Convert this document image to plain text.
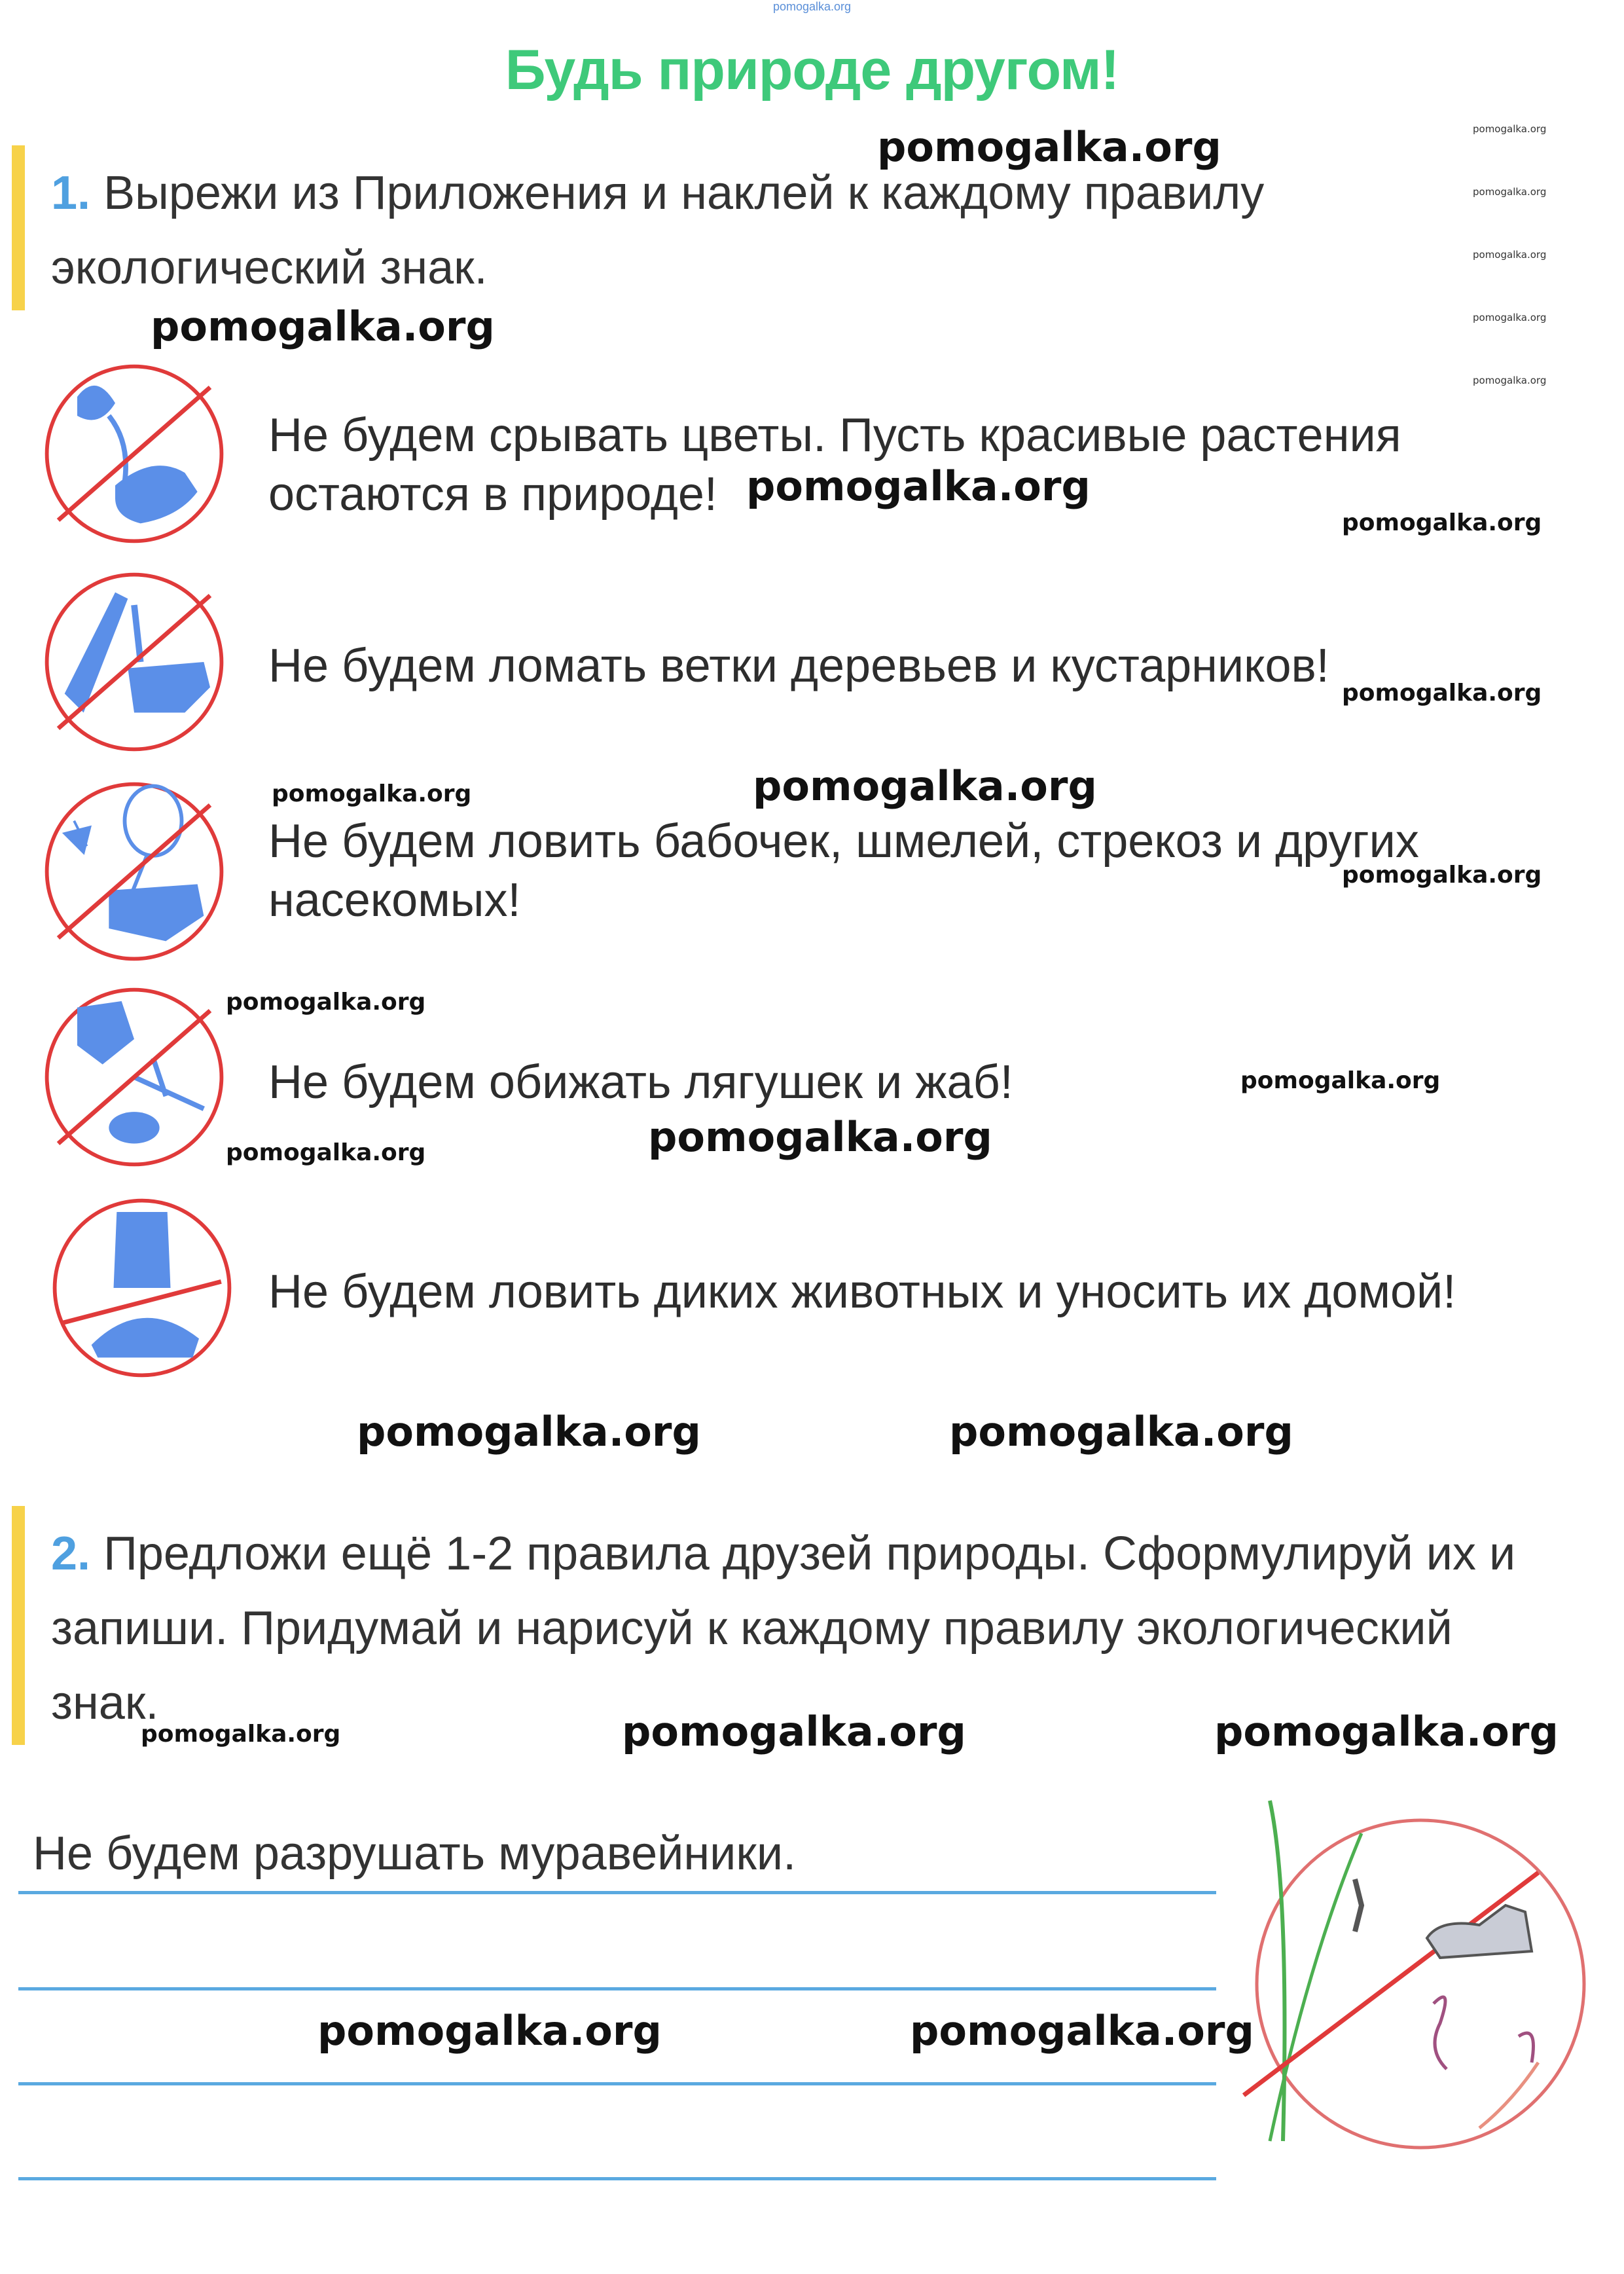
pomogalka.org
Будь природе другом!

1. Вырежи из Приложения и наклей к каждому правилу

экологический знак.

Не будем срывать цветы. Пусть красивые растения

остаются в природе!

Не будем ломать ветки деревьев и кустарников!

Не будем ловить бабочек, шмелей, стрекоз и других

насекомых!

Не будем обижать лягушек и жаб!

Не будем ловить диких животных и уносить их домой!

2. Предложи ещё 1-2 правила друзей природы. Сформулируй их и

запиши. Придумай и нарисуй к каждому правилу экологический

знак.

Не будем разрушать муравейники.

pomogalka.org
pomogalka.org
pomogalka.org
pomogalka.org
pomogalka.org
pomogalka.org	pomogalka.org
pomogalka.org	pomogalka.org
pomogalka.org	pomogalka.org
pomogalka.org
pomogalka.org
pomogalka.org
pomogalka.org
pomogalka.org
pomogalka.org
pomogalka.org
pomogalka.org
pomogalka.org
pomogalka.org
pomogalka.org
pomogalka.org
pomogalka.org
